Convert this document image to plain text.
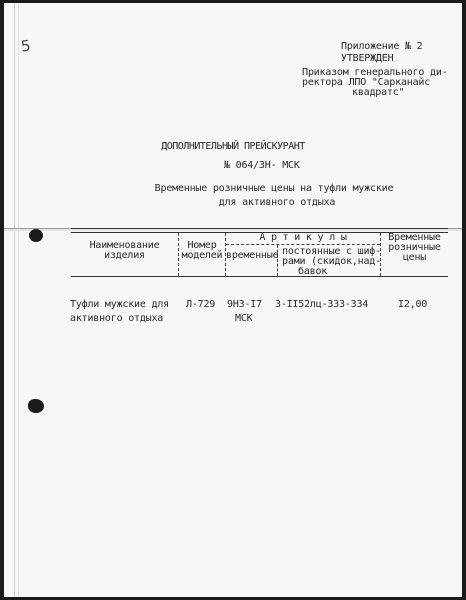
5	Приложение № 2
УТВЕРЖДЕН
Приказом генерального ди-
ректора ЛПО "Сарканайс
квадратс"
ДОПОЛНИТЕЛЬНЫЙ ПРЕЙСКУРАНТ
№ 064/ЗН- МСК
Временные розничные цены на туфли мужские
для активного отдыха
Наименование
изделия
Номер
моделей
А р т и к у л ы
временные постоянные с шиф-
рами (скидок,над-
бавок
Временные
розничные
цены
Туфли мужские для
активного отдыха
Л-729 9НЗ-I7
МСК
3-II52лц-333-334	I2,00
